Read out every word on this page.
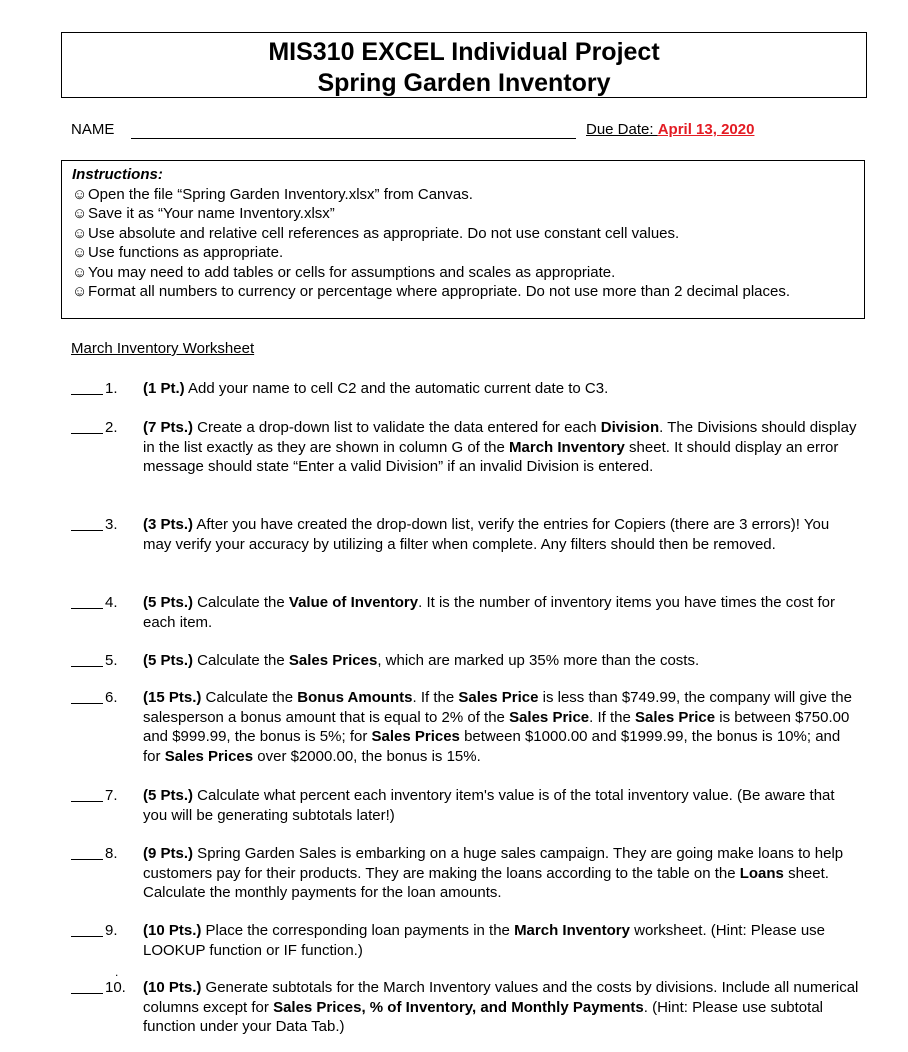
MIS310 EXCEL Individual Project
Spring Garden Inventory
NAME	Due Date: April 13, 2020
Instructions:
☺ Open the file “Spring Garden Inventory.xlsx” from Canvas.
☺ Save it as “Your name Inventory.xlsx”
☺ Use absolute and relative cell references as appropriate. Do not use constant cell values.
☺ Use functions as appropriate.
☺ You may need to add tables or cells for assumptions and scales as appropriate.
☺ Format all numbers to currency or percentage where appropriate. Do not use more than 2 decimal places.
March Inventory Worksheet
1.	(1 Pt.) Add your name to cell C2 and the automatic current date to C3.
2.	(7 Pts.) Create a drop-down list to validate the data entered for each Division. The Divisions should display in the list exactly as they are shown in column G of the March Inventory sheet. It should display an error message should state “Enter a valid Division” if an invalid Division is entered.
3.	(3 Pts.) After you have created the drop-down list, verify the entries for Copiers (there are 3 errors)! You may verify your accuracy by utilizing a filter when complete. Any filters should then be removed.
4.	(5 Pts.) Calculate the Value of Inventory. It is the number of inventory items you have times the cost for each item.
5.	(5 Pts.) Calculate the Sales Prices, which are marked up 35% more than the costs.
6.	(15 Pts.) Calculate the Bonus Amounts. If the Sales Price is less than $749.99, the company will give the salesperson a bonus amount that is equal to 2% of the Sales Price. If the Sales Price is between $750.00 and $999.99, the bonus is 5%; for Sales Prices between $1000.00 and $1999.99, the bonus is 10%; and for Sales Prices over $2000.00, the bonus is 15%.
7.	(5 Pts.) Calculate what percent each inventory item's value is of the total inventory value. (Be aware that you will be generating subtotals later!)
8.	(9 Pts.) Spring Garden Sales is embarking on a huge sales campaign. They are going make loans to help customers pay for their products. They are making the loans according to the table on the Loans sheet. Calculate the monthly payments for the loan amounts.
9.	(10 Pts.) Place the corresponding loan payments in the March Inventory worksheet. (Hint: Please use LOOKUP function or IF function.)
10.	(10 Pts.) Generate subtotals for the March Inventory values and the costs by divisions. Include all numerical columns except for Sales Prices, % of Inventory, and Monthly Payments. (Hint: Please use subtotal function under your Data Tab.)
.
